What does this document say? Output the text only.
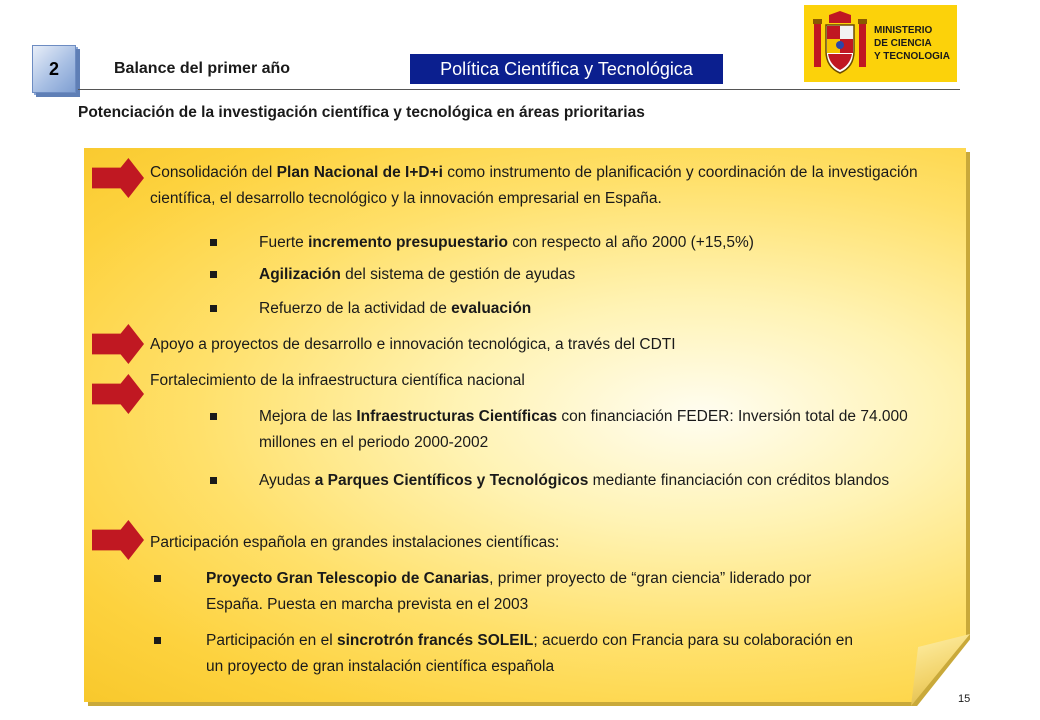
2	Balance del primer año	Política Científica y Tecnológica
MINISTERIO
DE CIENCIA
Y TECNOLOGIA
Potenciación de la investigación científica y tecnológica en áreas prioritarias
Consolidación del Plan Nacional de I+D+i como instrumento de planificación y coordinación de la investigación científica, el desarrollo tecnológico y la innovación empresarial en España.
Fuerte incremento presupuestario con respecto al año 2000 (+15,5%)
Agilización del sistema de gestión de ayudas
Refuerzo de la actividad de evaluación
Apoyo a proyectos de desarrollo e innovación tecnológica, a través del CDTI
Fortalecimiento de la infraestructura científica nacional
Mejora de las Infraestructuras Científicas con financiación FEDER: Inversión total de 74.000 millones en el periodo 2000-2002
Ayudas a Parques Científicos y Tecnológicos mediante financiación con créditos blandos
Participación española en grandes instalaciones científicas:
Proyecto Gran Telescopio de Canarias, primer proyecto de “gran ciencia” liderado por España. Puesta en marcha prevista en el 2003
Participación en el sincrotrón francés SOLEIL; acuerdo con Francia para su colaboración en un proyecto de gran instalación científica española
15
